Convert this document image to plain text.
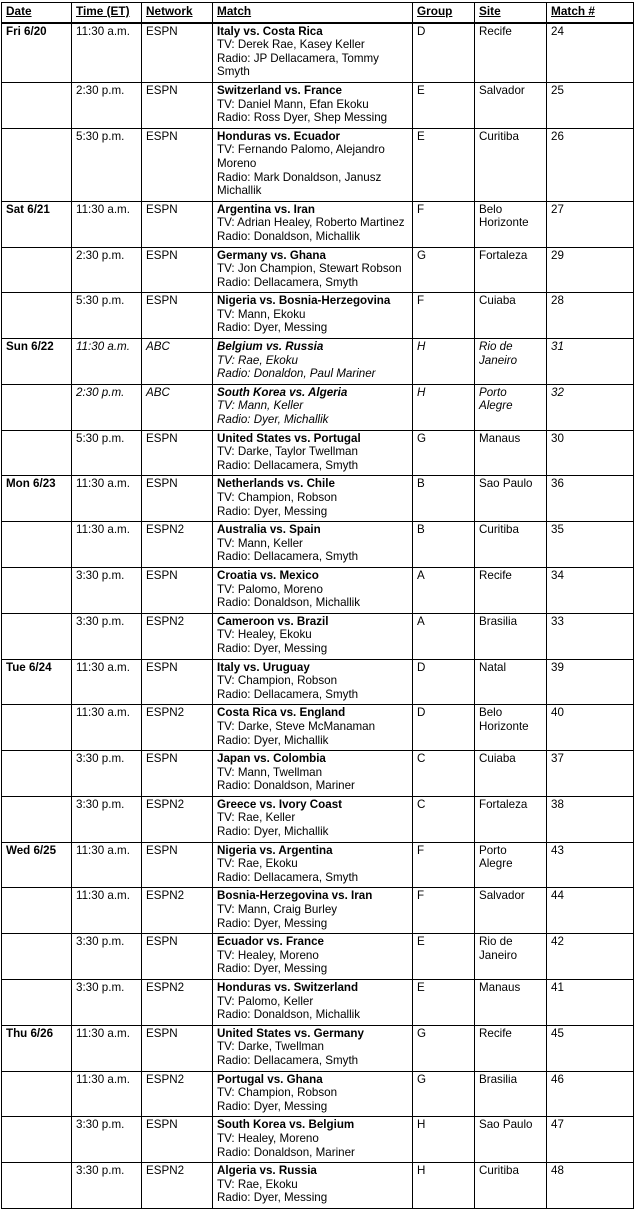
Date	Time (ET)	Network	Match	Group	Site	Match #
Fri 6/20	11:30 a.m.	ESPN	Italy vs. Costa Rica
TV: Derek Rae, Kasey Keller
Radio: JP Dellacamera, Tommy Smyth	D	Recife	24
	2:30 p.m.	ESPN	Switzerland vs. France
TV: Daniel Mann, Efan Ekoku
Radio: Ross Dyer, Shep Messing	E	Salvador	25
	5:30 p.m.	ESPN	Honduras vs. Ecuador
TV: Fernando Palomo, Alejandro Moreno
Radio: Mark Donaldson, Janusz Michallik	E	Curitiba	26
Sat 6/21	11:30 a.m.	ESPN	Argentina vs. Iran
TV: Adrian Healey, Roberto Martinez
Radio: Donaldson, Michallik	F	Belo Horizonte	27
	2:30 p.m.	ESPN	Germany vs. Ghana
TV: Jon Champion, Stewart Robson
Radio: Dellacamera, Smyth	G	Fortaleza	29
	5:30 p.m.	ESPN	Nigeria vs. Bosnia-Herzegovina
TV: Mann, Ekoku
Radio: Dyer, Messing	F	Cuiaba	28
Sun 6/22	11:30 a.m.	ABC	Belgium vs. Russia
TV: Rae, Ekoku
Radio: Donaldon, Paul Mariner	H	Rio de Janeiro	31
	2:30 p.m.	ABC	South Korea vs. Algeria
TV: Mann, Keller
Radio: Dyer, Michallik	H	Porto Alegre	32
	5:30 p.m.	ESPN	United States vs. Portugal
TV: Darke, Taylor Twellman
Radio: Dellacamera, Smyth	G	Manaus	30
Mon 6/23	11:30 a.m.	ESPN	Netherlands vs. Chile
TV: Champion, Robson
Radio: Dyer, Messing	B	Sao Paulo	36
	11:30 a.m.	ESPN2	Australia vs. Spain
TV: Mann, Keller
Radio: Dellacamera, Smyth	B	Curitiba	35
	3:30 p.m.	ESPN	Croatia vs. Mexico
TV: Palomo, Moreno
Radio: Donaldson, Michallik	A	Recife	34
	3:30 p.m.	ESPN2	Cameroon vs. Brazil
TV: Healey, Ekoku
Radio: Dyer, Messing	A	Brasilia	33
Tue 6/24	11:30 a.m.	ESPN	Italy vs. Uruguay
TV: Champion, Robson
Radio: Dellacamera, Smyth	D	Natal	39
	11:30 a.m.	ESPN2	Costa Rica vs. England
TV: Darke, Steve McManaman
Radio: Dyer, Michallik	D	Belo Horizonte	40
	3:30 p.m.	ESPN	Japan vs. Colombia
TV: Mann, Twellman
Radio: Donaldson, Mariner	C	Cuiaba	37
	3:30 p.m.	ESPN2	Greece vs. Ivory Coast
TV: Rae, Keller
Radio: Dyer, Michallik	C	Fortaleza	38
Wed 6/25	11:30 a.m.	ESPN	Nigeria vs. Argentina
TV: Rae, Ekoku
Radio: Dellacamera, Smyth	F	Porto Alegre	43
	11:30 a.m.	ESPN2	Bosnia-Herzegovina vs. Iran
TV: Mann, Craig Burley
Radio: Dyer, Messing	F	Salvador	44
	3:30 p.m.	ESPN	Ecuador vs. France
TV: Healey, Moreno
Radio: Dyer, Messing	E	Rio de Janeiro	42
	3:30 p.m.	ESPN2	Honduras vs. Switzerland
TV: Palomo, Keller
Radio: Donaldson, Michallik	E	Manaus	41
Thu 6/26	11:30 a.m.	ESPN	United States vs. Germany
TV: Darke, Twellman
Radio: Dellacamera, Smyth	G	Recife	45
	11:30 a.m.	ESPN2	Portugal vs. Ghana
TV: Champion, Robson
Radio: Dyer, Messing	G	Brasilia	46
	3:30 p.m.	ESPN	South Korea vs. Belgium
TV: Healey, Moreno
Radio: Donaldson, Mariner	H	Sao Paulo	47
	3:30 p.m.	ESPN2	Algeria vs. Russia
TV: Rae, Ekoku
Radio: Dyer, Messing	H	Curitiba	48
